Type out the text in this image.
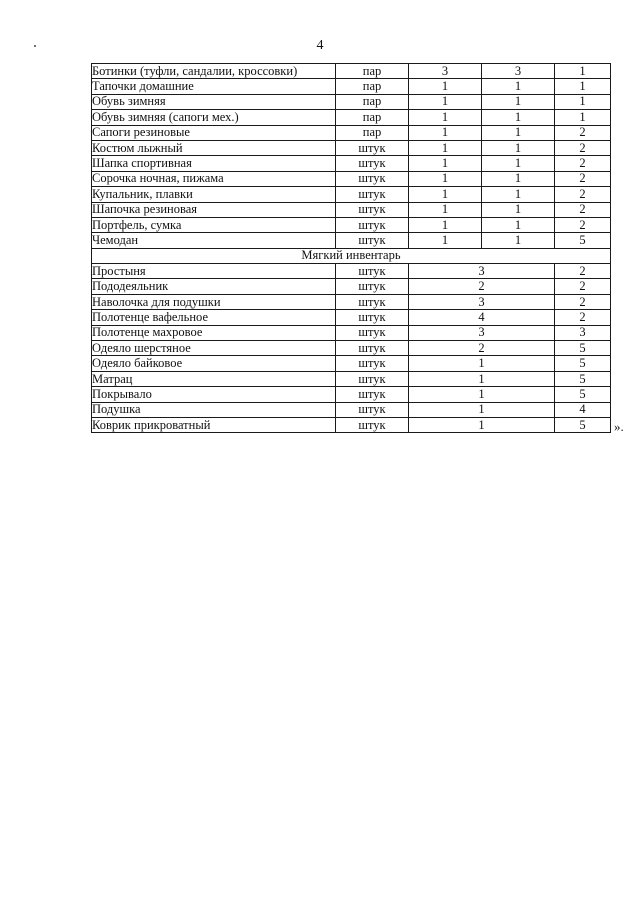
4
Ботинки (туфли, сандалии, кроссовки)	пар	3	3	1
Тапочки домашние	пар	1	1	1
Обувь зимняя	пар	1	1	1
Обувь зимняя (сапоги мех.)	пар	1	1	1
Сапоги резиновые	пар	1	1	2
Костюм лыжный	штук	1	1	2
Шапка спортивная	штук	1	1	2
Сорочка ночная, пижама	штук	1	1	2
Купальник, плавки	штук	1	1	2
Шапочка резиновая	штук	1	1	2
Портфель, сумка	штук	1	1	2
Чемодан	штук	1	1	5
Мягкий инвентарь				
Простыня	штук	3		2
Пододеяльник	штук	2		2
Наволочка для подушки	штук	3		2
Полотенце вафельное	штук	4		2
Полотенце махровое	штук	3		3
Одеяло шерстяное	штук	2		5
Одеяло байковое	штук	1		5
Матрац	штук	1		5
Покрывало	штук	1		5
Подушка	штук	1		4
Коврик прикроватный	штук	1		5 ».
